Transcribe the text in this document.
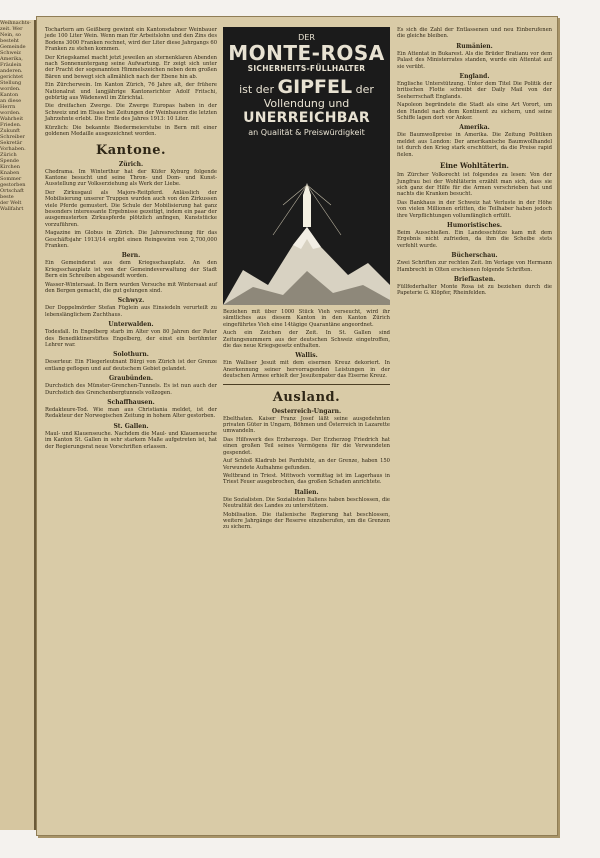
Weihnachts-

zeit. Wer

Nein, so

besteht

Gemeinde

Schweiz

Amerika,

Fräulein

anderen.

gerichtet

Stellung

worden.

Kanton

an diese

Herrn

worden.

Wahrheit

Frieden.

Zukunft

Schreiber

Sekretär

Vorhaben.

Zürich

Spende

Kirchen

Knaben

Sommer

gestorben

Ortschaft

beste

der Welt

Wallfahrt

Tochartern am Geißberg gewinnt ein Kantonsdabner Weinbauer jede 100 Liter Wein. Wenn man für Arbeitslohn und den Zins des Bodens 3000 Franken rechnet, wird der Liter diese Jahrgangs 60 Franken zu stehen kommen.

Der Kriegskamel macht jetzt jeweilen an sternenklaren Abenden nach Sonnenuntergang seine Aufwartung. Er zeigt sich unter der Pracht der sogenannten Himmelszeichen neben dem großen Bären und bewegt sich allmählich nach der Ebene hin ab.

Ein Zürcherwein. Im Kanton Zürich, 76 Jahre alt, der frühere Nationalrat und langjährige Kantonsrichter Adolf Fritschi, gebürtig aus Wädenswil im Zürichtal.

Die dreifachen Zwerge. Die Zwerge Europas haben in der Schweiz und im Elsass bei Zeitungen der Weinbauern die letzten Jahrzehnte erlebt. Die Ernte des Jahres 1913: 10 Liter.

Kürzlich: Die bekannte Biedermeierstube in Bern mit einer goldenen Medaille ausgezeichnet worden.

Kantone.
Zürich.

Chedrama. Im Winterthur hat der Küfer Kyburg folgende Kantone besucht und seine Thron- und Dom- und Kunst-Ausstellung zur Volkserziehung als Werk der Liebe.

Der Zirkusgaul als Majors-Reitpferd. Anlässlich der Mobilisierung unserer Truppen wurden auch von den Zirkussen viele Pferde gemustert. Die Schule der Mobilisierung hat ganz besonders interessante Ergebnisse gezeitigt, indem ein paar der ausgemusterten Zirkuspferde plötzlich anfingen, Kunststücke vorzuführen.

Magazine im Globus in Zürich. Die Jahresrechnung für das Geschäftsjahr 1913/14 ergibt einen Reingewinn von 2,700,000 Franken.

Bern.

Ein Gemeinderat aus dem Kriegsschauplatz. An den Kriegsschauplatz ist von der Gemeindeverwaltung der Stadt Bern ein Schreiben abgesandt worden.

Wasser-Wintersaat. In Bern wurden Versuche mit Wintersaat auf den Bergen gemacht, die gut gelungen sind.

Schwyz.

Der Doppelmörder Stefan Füglein aus Einsiedeln verurteilt zu lebenslänglichem Zuchthaus.

Unterwalden.

Todesfall. In Engelberg starb im Alter von 80 Jahren der Pater des Benediktinerstiftes Engelberg, der einst ein berühmter Lehrer war.

Solothurn.

Deserteur. Ein Fliegerleutnant Bürgi von Zürich ist der Grenze entlang geflogen und auf deutschem Gebiet gelandet.

Graubünden.

Durchstich des Münster-Grenchen-Tunnels. Es ist nun auch der Durchstich des Grenchenbergtunnels vollzogen.

Schaffhausen.

Redakteure-Tod. Wie man aus Christiania meldet, ist der Redakteur der Norwegischen Zeitung in hohem Alter gestorben.

St. Gallen.

Maul- und Klauenseuche. Nachdem die Maul- und Klauenseuche im Kanton St. Gallen in sehr starkem Maße aufgetreten ist, hat der Regierungsrat neue Vorschriften erlassen.

DER
MONTE-ROSA
SICHERHEITS-FÜLLHALTER
ist der GIPFEL der
Vollendung und
UNERREICHBAR
an Qualität & Preiswürdigkeit

Beziehen mit über 1000 Stück Vieh verseucht, wird ihr sämtliches aus diesem Kanton in den Kanton Zürich eingeführtes Vieh eine 14tägige Quarantäne angeordnet.

Auch ein Zeichen der Zeit. In St. Gallen sind Zeitungsnummern aus der deutschen Schweiz eingetroffen, die das neue Kriegsgesetz enthalten.

Wallis.

Ein Walliser Jesuit mit dem eisernen Kreuz dekoriert. In Anerkennung seiner hervorragenden Leistungen in der deutschen Armee erhielt der Jesuitenpater das Eiserne Kreuz.

Ausland.
Oesterreich-Ungarn.

Ebelthaten. Kaiser Franz Josef läßt seine ausgedehnten privaten Güter in Ungarn, Böhmen und Österreich in Lazarette umwandeln.

Das Hilfswerk des Erzherzogs. Der Erzherzog Friedrich hat einen großen Teil seines Vermögens für die Verwundeten gespendet.

Auf Schloß Kladrub bei Pardubitz, an der Grenze, haben 150 Verwundete Aufnahme gefunden.

Weltbrand in Triest. Mittwoch vormittag ist im Lagerhaus in Triest Feuer ausgebrochen, das großen Schaden anrichtete.

Italien.

Die Sozialisten. Die Sozialisten Italiens haben beschlossen, die Neutralität des Landes zu unterstützen.

Mobilisation. Die italienische Regierung hat beschlossen, weitere Jahrgänge der Reserve einzuberufen, um die Grenzen zu sichern.

Es sich die Zahl der Entlassenen und neu Einberufenen die gleiche bleiben.

Rumänien.

Ein Attentat in Bukarest. Als die Brüder Bratianu vor dem Palast des Ministerrates standen, wurde ein Attentat auf sie verübt.

England.

Englische Unterstützung. Unter dem Titel Die Politik der britischen Flotte schreibt der Daily Mail von der Seeherrschaft Englands.

Napoleon begründete die Stadt als eine Art Vorort, um den Handel nach dem Kontinent zu sichern, und seine Schiffe lagen dort vor Anker.

Amerika.

Die Baumwollpreise in Amerika. Die Zeitung Politiken meldet aus London: Der amerikanische Baumwollhandel ist durch den Krieg stark erschüttert, da die Preise rapid fielen.

Eine Wohltäterin.

Im Zürcher Volksrecht ist folgendes zu lesen: Von der Jungfrau bei der Wohltäterin erzählt man sich, dass sie sich ganz der Hilfe für die Armen verschrieben hat und nachts die Kranken besucht.

Das Bankhaus in der Schweiz hat Verluste in der Höhe von vielen Millionen erlitten, die Teilhaber haben jedoch ihre Verpflichtungen vollumfänglich erfüllt.

Humoristisches.

Beim Ausschießen. Ein Landesschütze kam mit dem Ergebnis nicht zufrieden, da ihm die Scheibe stets verfehlt wurde.

Bücherschau.

Zwei Schriften zur rechten Zeit. Im Verlage von Hermann Hambrecht in Olten erschienen folgende Schriften.

Briefkasten.

Füllfederhalter Monte Rosa ist zu beziehen durch die Papeterie G. Klöpfer, Rheinfelden.
